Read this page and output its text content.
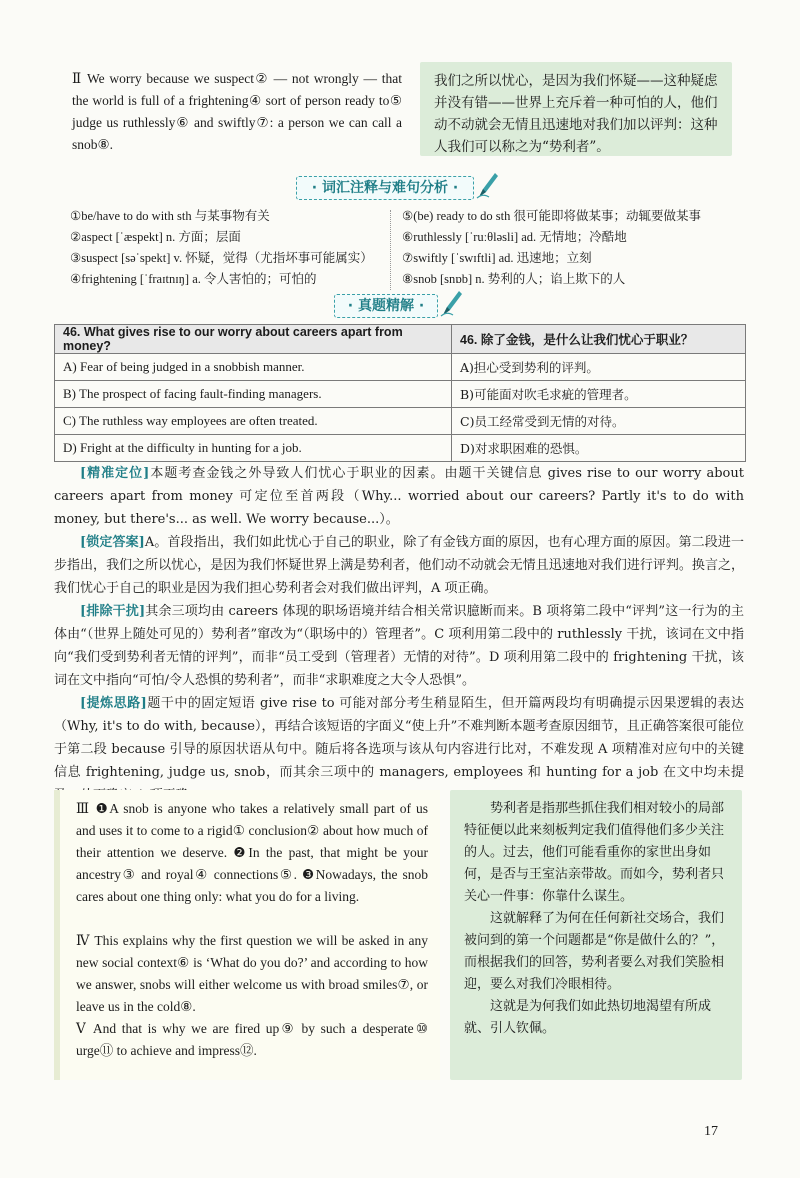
Ⅱ We worry because we suspect② — not wrongly — that the world is full of a frightening④ sort of person ready to⑤ judge us ruthlessly⑥ and swiftly⑦: a person we can call a snob⑧.
我们之所以忧心，是因为我们怀疑——这种疑虑并没有错——世界上充斥着一种可怕的人，他们动不动就会无情且迅速地对我们加以评判：这种人我们可以称之为“势利者”。
· 词汇注释与难句分析 ·
①be/have to do with sth 与某事物有关
②aspect [ˈæspekt] n. 方面；层面
③suspect [səˈspekt] v. 怀疑，觉得（尤指坏事可能属实）
④frightening [ˈfraɪtnɪŋ] a. 令人害怕的；可怕的
⑤(be) ready to do sth 很可能即将做某事；动辄要做某事
⑥ruthlessly [ˈruːθləsli] ad. 无情地；冷酷地
⑦swiftly [ˈswɪftli] ad. 迅速地；立刻
⑧snob [snɒb] n. 势利的人；谄上欺下的人
· 真题精解 ·
46. What gives rise to our worry about careers apart from money?	46. 除了金钱，是什么让我们忧心于职业？
A) Fear of being judged in a snobbish manner.	A)担心受到势利的评判。
B) The prospect of facing fault-finding managers.	B)可能面对吹毛求疵的管理者。
C) The ruthless way employees are often treated.	C)员工经常受到无情的对待。
D) Fright at the difficulty in hunting for a job.	D)对求职困难的恐惧。
[精准定位]本题考查金钱之外导致人们忧心于职业的因素。由题干关键信息 gives rise to our worry about careers apart from money 可定位至首两段（Why... worried about our careers? Partly it's to do with money, but there's... as well. We worry because...）。
[锁定答案]A。首段指出，我们如此忧心于自己的职业，除了有金钱方面的原因，也有心理方面的原因。第二段进一步指出，我们之所以忧心，是因为我们怀疑世界上满是势利者，他们动不动就会无情且迅速地对我们进行评判。换言之，我们忧心于自己的职业是因为我们担心势利者会对我们做出评判，A 项正确。
[排除干扰]其余三项均由 careers 体现的职场语境并结合相关常识臆断而来。B 项将第二段中“评判”这一行为的主体由“（世界上随处可见的）势利者”窜改为“（职场中的）管理者”。C 项利用第二段中的 ruthlessly 干扰，该词在文中指向“我们受到势利者无情的评判”，而非“员工受到（管理者）无情的对待”。D 项利用第二段中的 frightening 干扰，该词在文中指向“可怕/令人恐惧的势利者”，而非“求职难度之大令人恐惧”。
[提炼思路]题干中的固定短语 give rise to 可能对部分考生稍显陌生，但开篇两段均有明确提示因果逻辑的表达（Why, it's to do with, because），再结合该短语的字面义“使上升”不难判断本题考查原因细节，且正确答案很可能位于第二段 because 引导的原因状语从句中。随后将各选项与该从句内容进行比对，不难发现 A 项精准对应句中的关键信息 frightening, judge us, snob，而其余三项中的 managers, employees 和 hunting for a job 在文中均未提
Ⅲ ❶A snob is anyone who takes a relatively small part of us and uses it to come to a rigid① conclusion② about how much of their attention we deserve. ❷In the past, that might be your ancestry③ and royal④ connections⑤. ❸Nowadays, the snob cares about one thing only: what you do for a living.
Ⅳ This explains why the first question we will be asked in any new social context⑥ is ‘What do you do?’ and according to how we answer, snobs will either welcome us with broad smiles⑦, or leave us in the cold⑧.
Ⅴ And that is why we are fired up⑨ by such a desperate⑩ urge⑪ to achieve and impress⑫.
势利者是指那些抓住我们相对较小的局部特征便以此来刻板判定我们值得他们多少关注的人。过去，他们可能看重你的家世出身如何，是否与王室沾亲带故。而如今，势利者只关心一件事：你靠什么谋生。
这就解释了为何在任何新社交场合，我们被问到的第一个问题都是“你是做什么的？”，而根据我们的回答，势利者要么对我们笑脸相迎，要么对我们冷眼相待。
这就是为何我们如此热切地渴望有所成就、引人钦佩。
17
